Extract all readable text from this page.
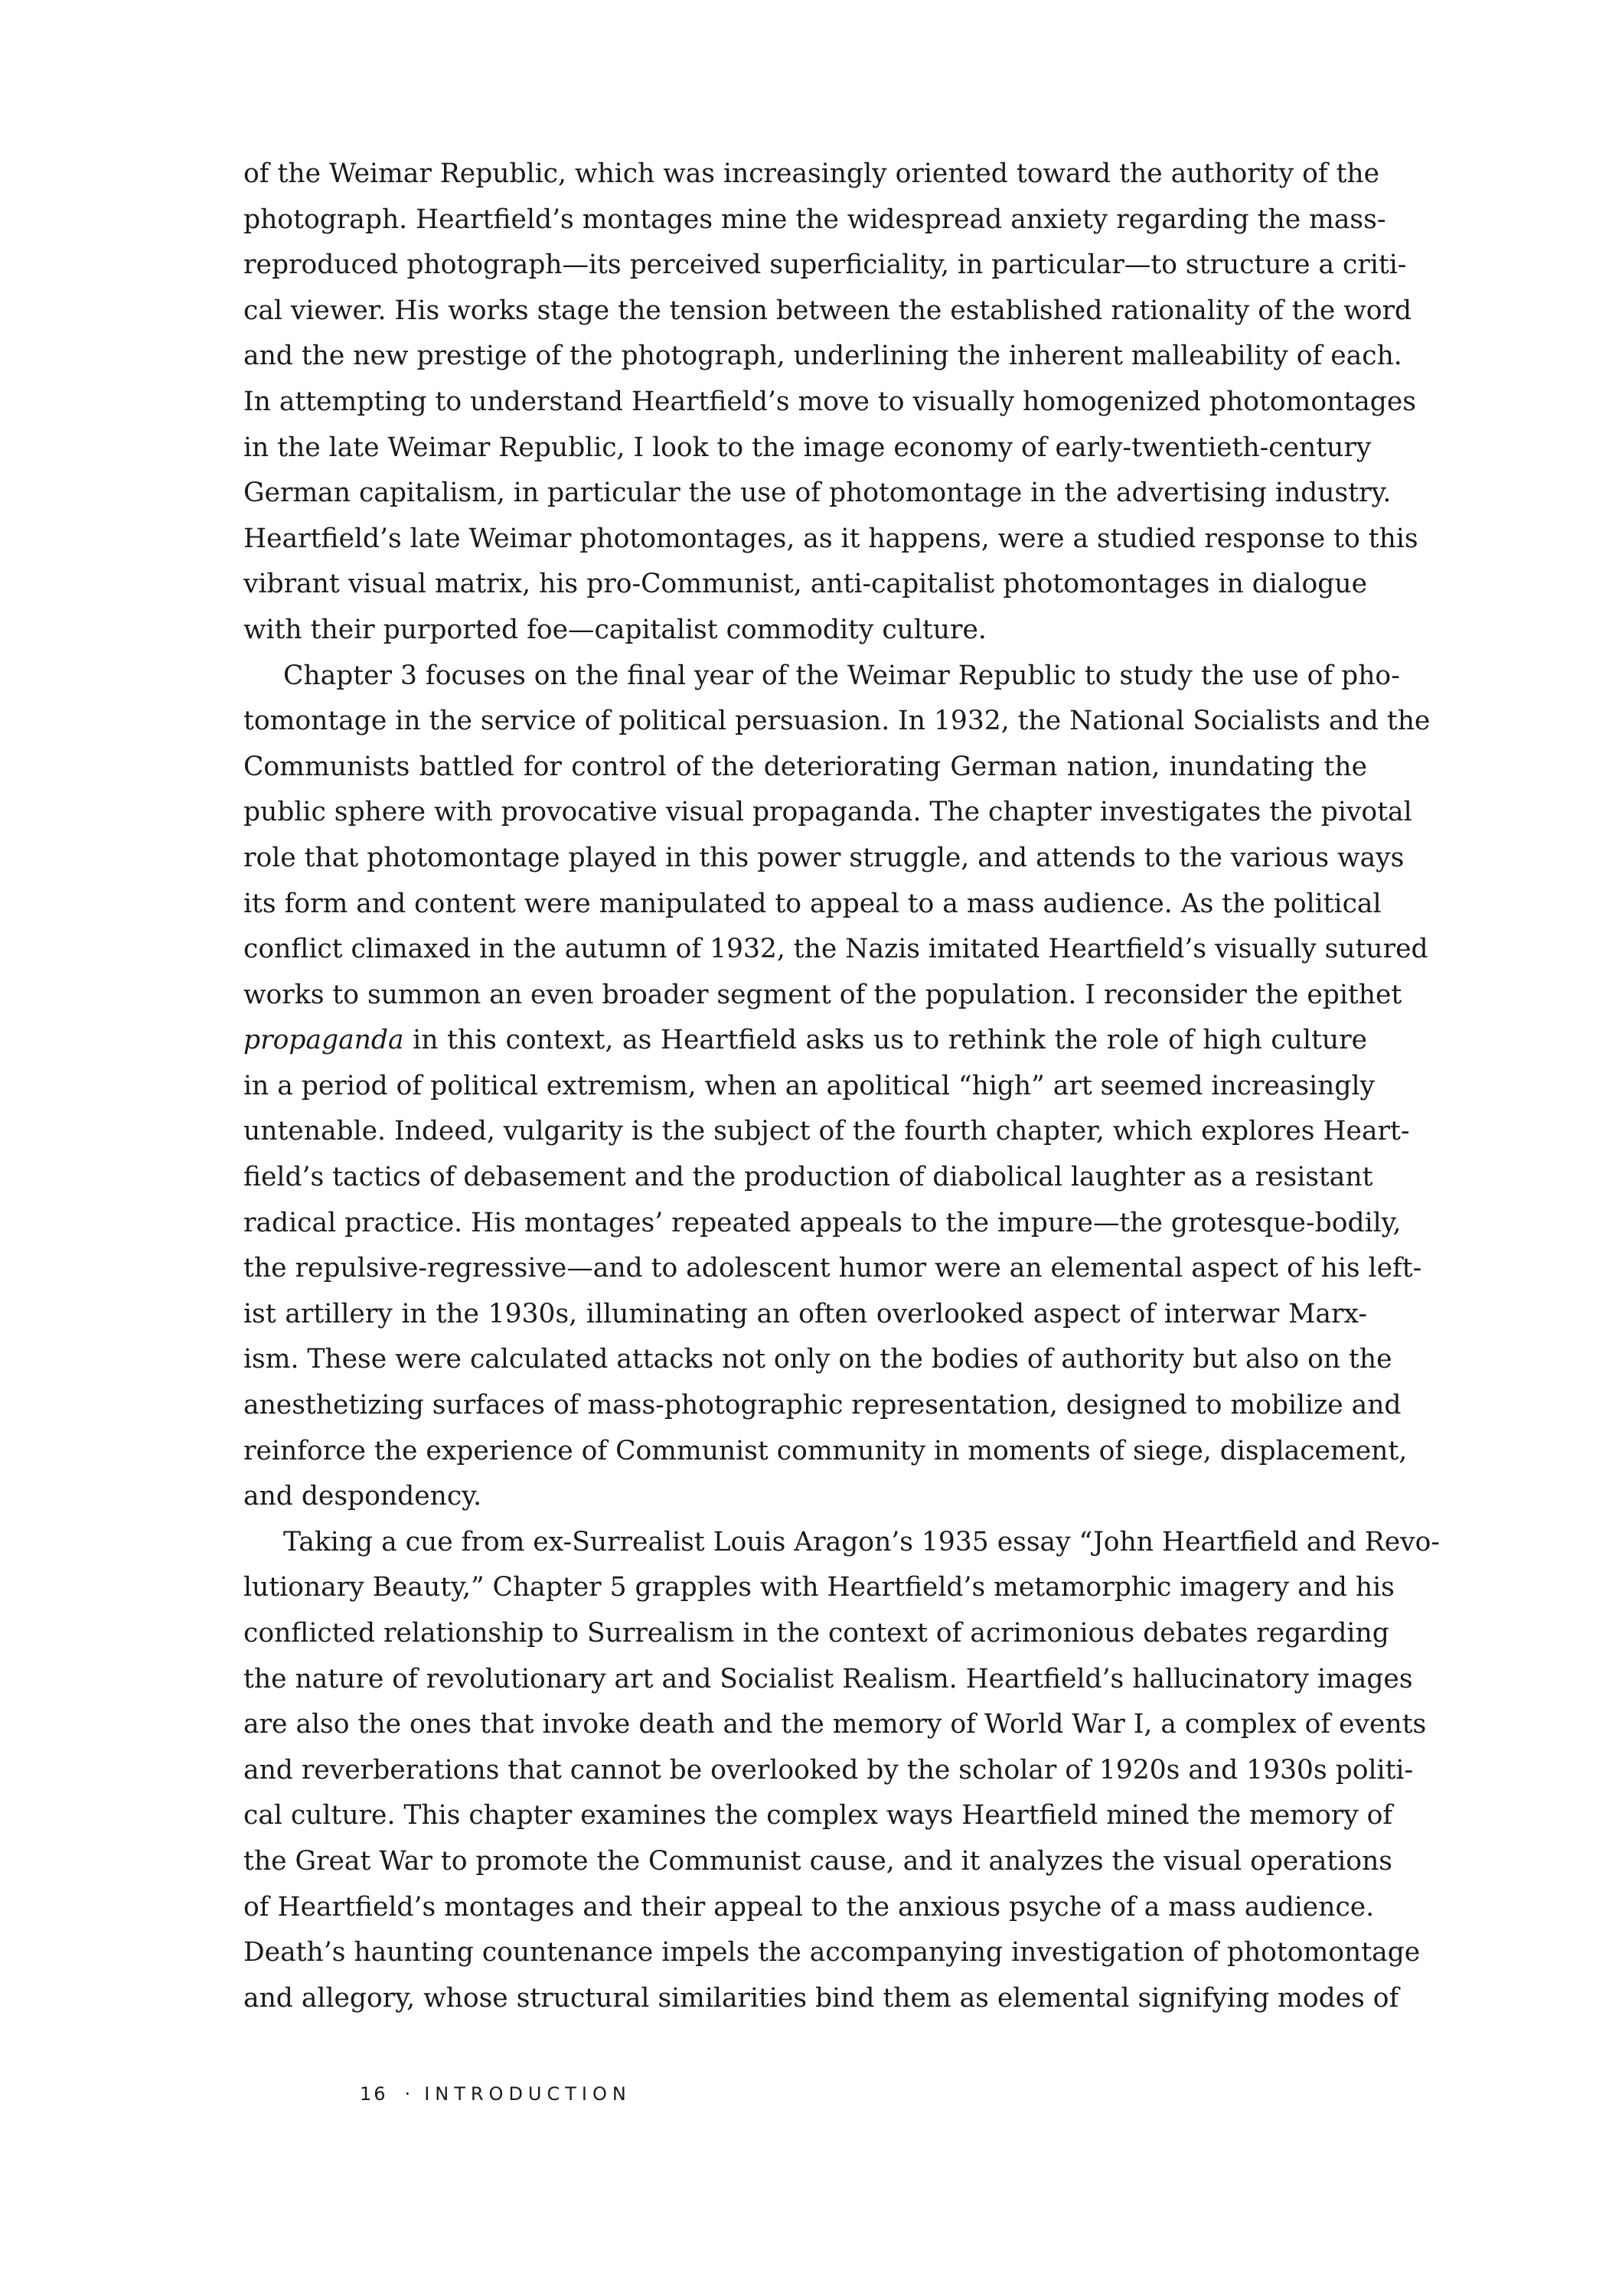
of the Weimar Republic, which was increasingly oriented toward the authority of the
photograph. Heartfield’s montages mine the widespread anxiety regarding the mass-
reproduced photograph—its perceived superficiality, in particular—to structure a criti-
cal viewer. His works stage the tension between the established rationality of the word
and the new prestige of the photograph, underlining the inherent malleability of each.
In attempting to understand Heartfield’s move to visually homogenized photomontages
in the late Weimar Republic, I look to the image economy of early-twentieth-century
German capitalism, in particular the use of photomontage in the advertising industry.
Heartfield’s late Weimar photomontages, as it happens, were a studied response to this
vibrant visual matrix, his pro-Communist, anti-capitalist photomontages in dialogue
with their purported foe—capitalist commodity culture.
Chapter 3 focuses on the final year of the Weimar Republic to study the use of pho-
tomontage in the service of political persuasion. In 1932, the National Socialists and the
Communists battled for control of the deteriorating German nation, inundating the
public sphere with provocative visual propaganda. The chapter investigates the pivotal
role that photomontage played in this power struggle, and attends to the various ways
its form and content were manipulated to appeal to a mass audience. As the political
conflict climaxed in the autumn of 1932, the Nazis imitated Heartfield’s visually sutured
works to summon an even broader segment of the population. I reconsider the epithet
propaganda in this context, as Heartfield asks us to rethink the role of high culture
in a period of political extremism, when an apolitical “high” art seemed increasingly
untenable. Indeed, vulgarity is the subject of the fourth chapter, which explores Heart-
field’s tactics of debasement and the production of diabolical laughter as a resistant
radical practice. His montages’ repeated appeals to the impure—the grotesque-bodily,
the repulsive-regressive—and to adolescent humor were an elemental aspect of his left-
ist artillery in the 1930s, illuminating an often overlooked aspect of interwar Marx-
ism. These were calculated attacks not only on the bodies of authority but also on the
anesthetizing surfaces of mass-photographic representation, designed to mobilize and
reinforce the experience of Communist community in moments of siege, displacement,
and despondency.
Taking a cue from ex-Surrealist Louis Aragon’s 1935 essay “John Heartfield and Revo-
lutionary Beauty,” Chapter 5 grapples with Heartfield’s metamorphic imagery and his
conflicted relationship to Surrealism in the context of acrimonious debates regarding
the nature of revolutionary art and Socialist Realism. Heartfield’s hallucinatory images
are also the ones that invoke death and the memory of World War I, a complex of events
and reverberations that cannot be overlooked by the scholar of 1920s and 1930s politi-
cal culture. This chapter examines the complex ways Heartfield mined the memory of
the Great War to promote the Communist cause, and it analyzes the visual operations
of Heartfield’s montages and their appeal to the anxious psyche of a mass audience.
Death’s haunting countenance impels the accompanying investigation of photomontage
and allegory, whose structural similarities bind them as elemental signifying modes of
16 · INTRODUCTION
